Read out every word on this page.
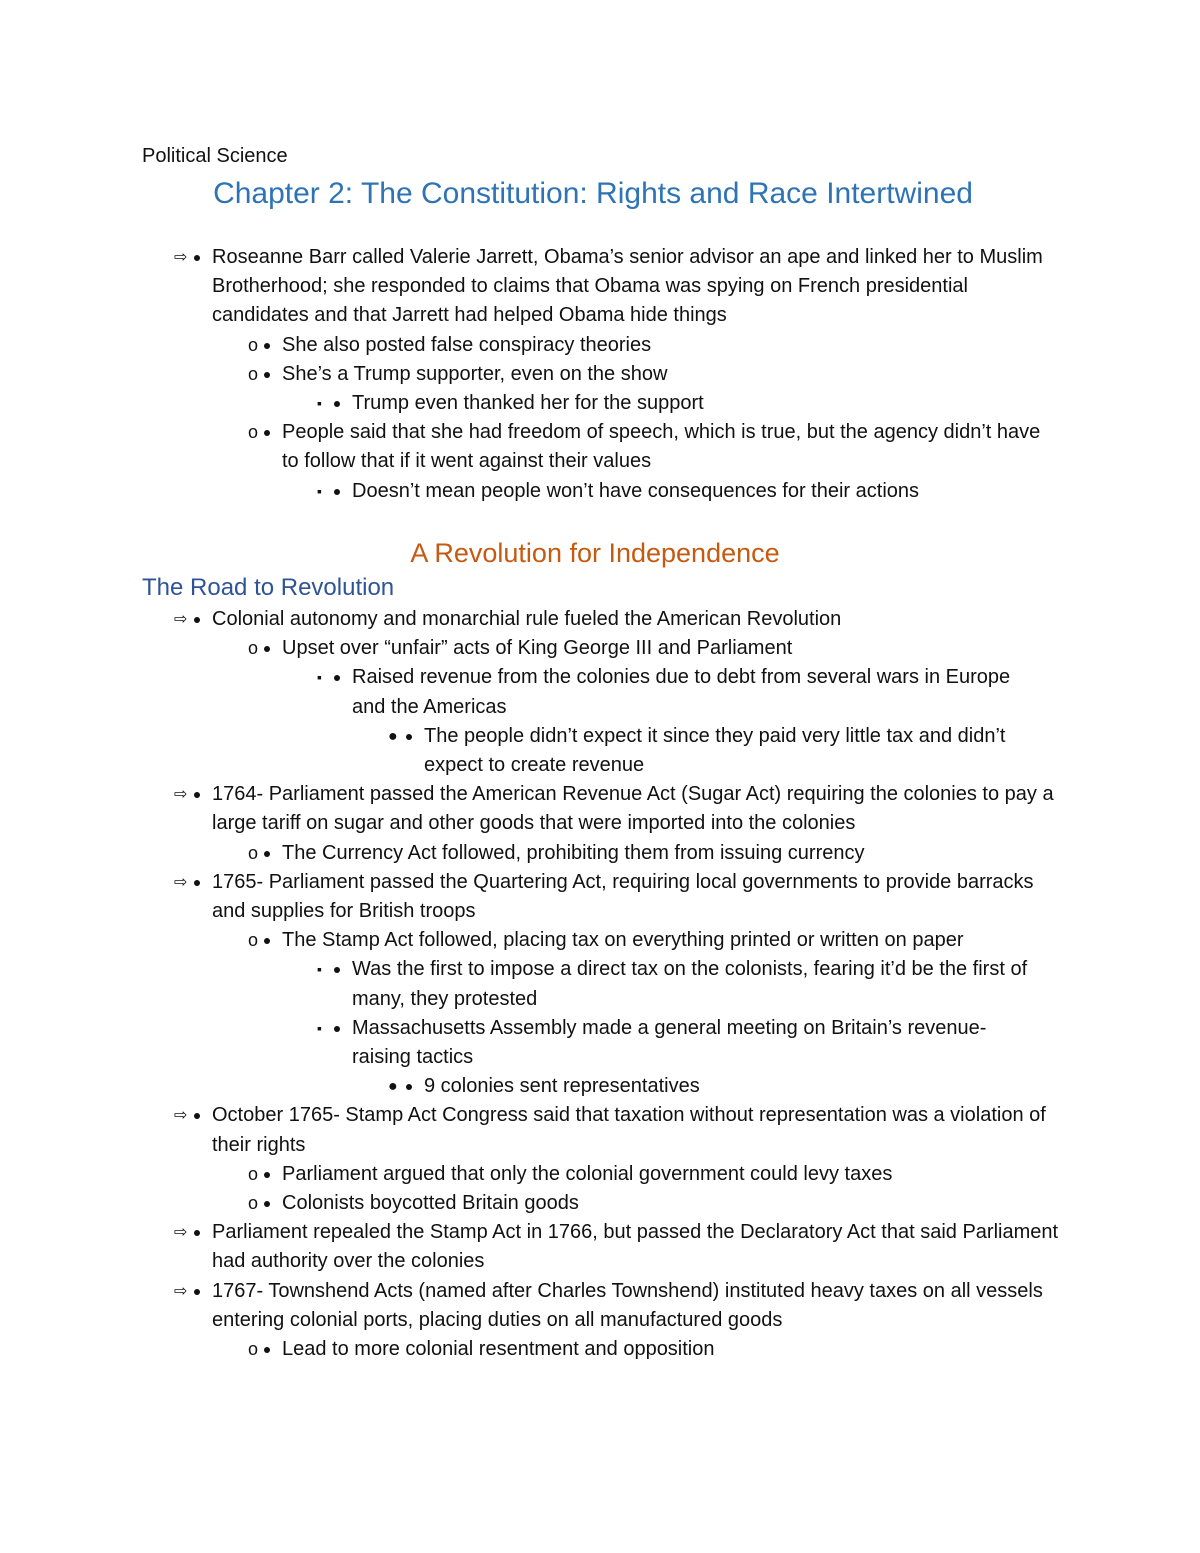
Political Science
Chapter 2: The Constitution: Rights and Race Intertwined
• ⇨ Roseanne Barr called Valerie Jarrett, Obama’s senior advisor an ape and linked her to Muslim Brotherhood; she responded to claims that Obama was spying on French presidential candidates and that Jarrett had helped Obama hide things
• o She also posted false conspiracy theories
• o She’s a Trump supporter, even on the show
• ▪ Trump even thanked her for the support
• o People said that she had freedom of speech, which is true, but the agency didn’t have to follow that if it went against their values
• ▪ Doesn’t mean people won’t have consequences for their actions
A Revolution for Independence
The Road to Revolution
• ⇨ Colonial autonomy and monarchial rule fueled the American Revolution
• o Upset over “unfair” acts of King George III and Parliament
• ▪ Raised revenue from the colonies due to debt from several wars in Europe and the Americas
• ● The people didn’t expect it since they paid very little tax and didn’t expect to create revenue
• ⇨ 1764- Parliament passed the American Revenue Act (Sugar Act) requiring the colonies to pay a large tariff on sugar and other goods that were imported into the colonies
• o The Currency Act followed, prohibiting them from issuing currency
• ⇨ 1765- Parliament passed the Quartering Act, requiring local governments to provide barracks and supplies for British troops
• o The Stamp Act followed, placing tax on everything printed or written on paper
• ▪ Was the first to impose a direct tax on the colonists, fearing it’d be the first of many, they protested
• ▪ Massachusetts Assembly made a general meeting on Britain’s revenue-raising tactics
• ● 9 colonies sent representatives
• ⇨ October 1765- Stamp Act Congress said that taxation without representation was a violation of their rights
• o Parliament argued that only the colonial government could levy taxes
• o Colonists boycotted Britain goods
• ⇨ Parliament repealed the Stamp Act in 1766, but passed the Declaratory Act that said Parliament had authority over the colonies
• ⇨ 1767- Townshend Acts (named after Charles Townshend) instituted heavy taxes on all vessels entering colonial ports, placing duties on all manufactured goods
• o Lead to more colonial resentment and opposition
